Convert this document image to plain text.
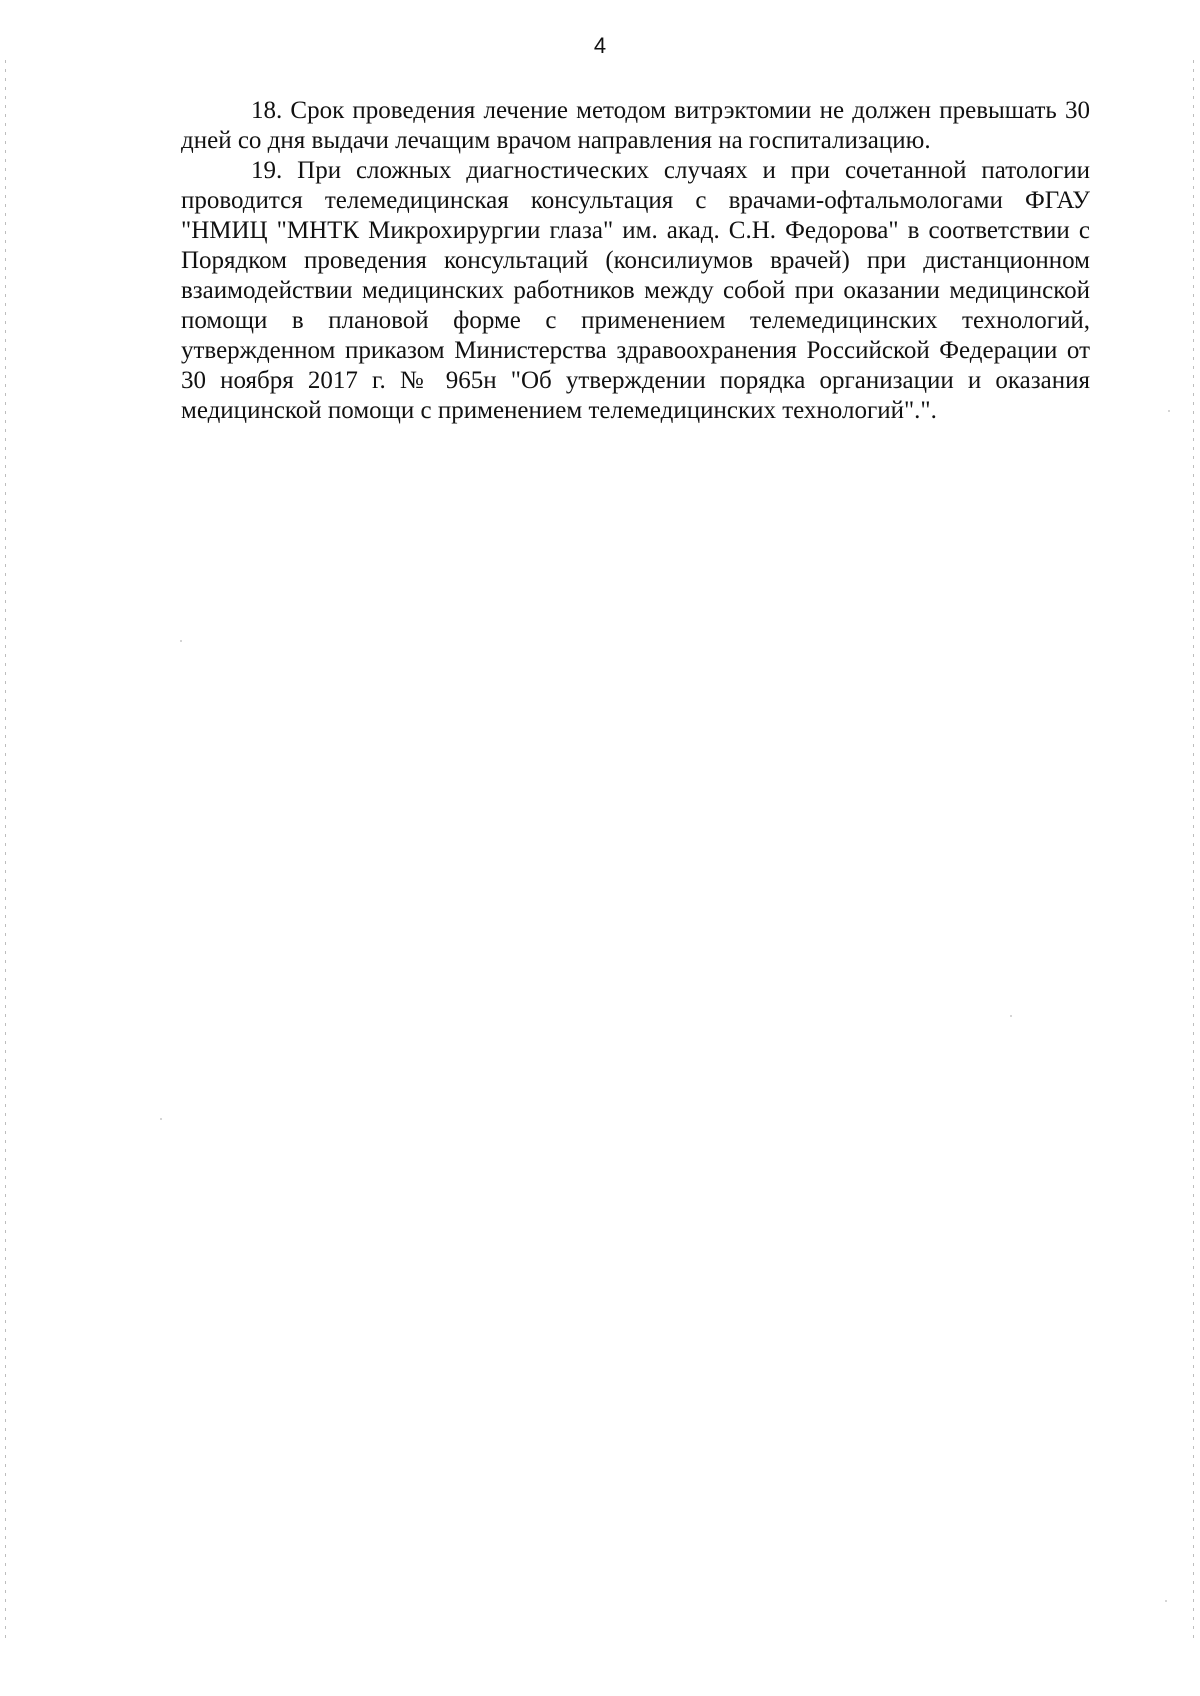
4

18. Срок проведения лечение методом витрэктомии не должен превышать 30 дней со дня выдачи лечащим врачом направления на госпитализацию.

19. При сложных диагностических случаях и при сочетанной патологии проводится телемедицинская консультация с врачами-офтальмологами ФГАУ "НМИЦ "МНТК Микрохирургии глаза" им. акад. С.Н. Федорова" в соответствии с Порядком проведения консультаций (консилиумов врачей) при дистанционном взаимодействии медицинских работников между собой при оказании медицинской помощи в плановой форме с применением телемедицинских технологий, утвержденном приказом Министерства здравоохранения Российской Федерации от 30 ноября 2017 г. № 965н "Об утверждении порядка организации и оказания медицинской помощи с применением телемедицинских технологий".".
